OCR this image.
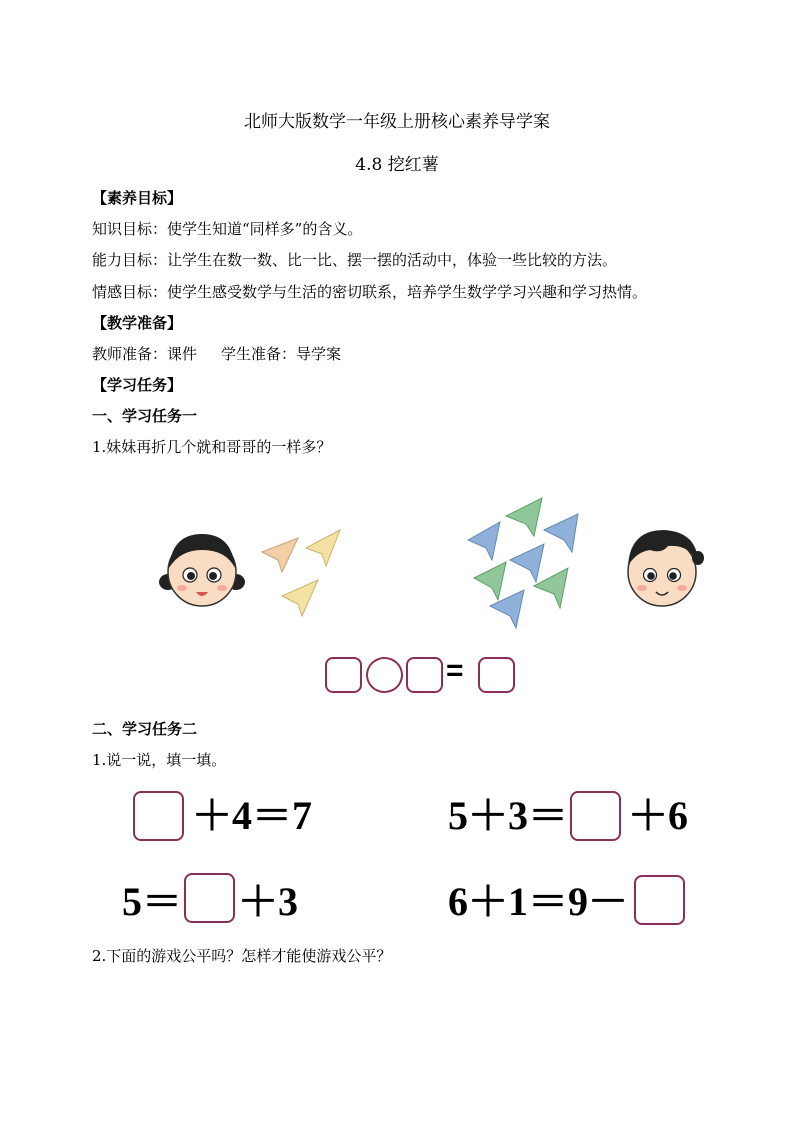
北师大版数学一年级上册核心素养导学案
4.8 挖红薯
【素养目标】
知识目标：使学生知道“同样多”的含义。
能力目标：让学生在数一数、比一比、摆一摆的活动中，体验一些比较的方法。
情感目标：使学生感受数学与生活的密切联系，培养学生数学学习兴趣和学习热情。
【教学准备】
教师准备：课件 学生准备：导学案
【学习任务】
一、学习任务一
1.妹妹再折几个就和哥哥的一样多？
=
二、学习任务二
1.说一说，填一填。
＋4＝7	5＋3＝ ＋6
5＝ ＋3	6＋1＝9－
2.下面的游戏公平吗？怎样才能使游戏公平？
